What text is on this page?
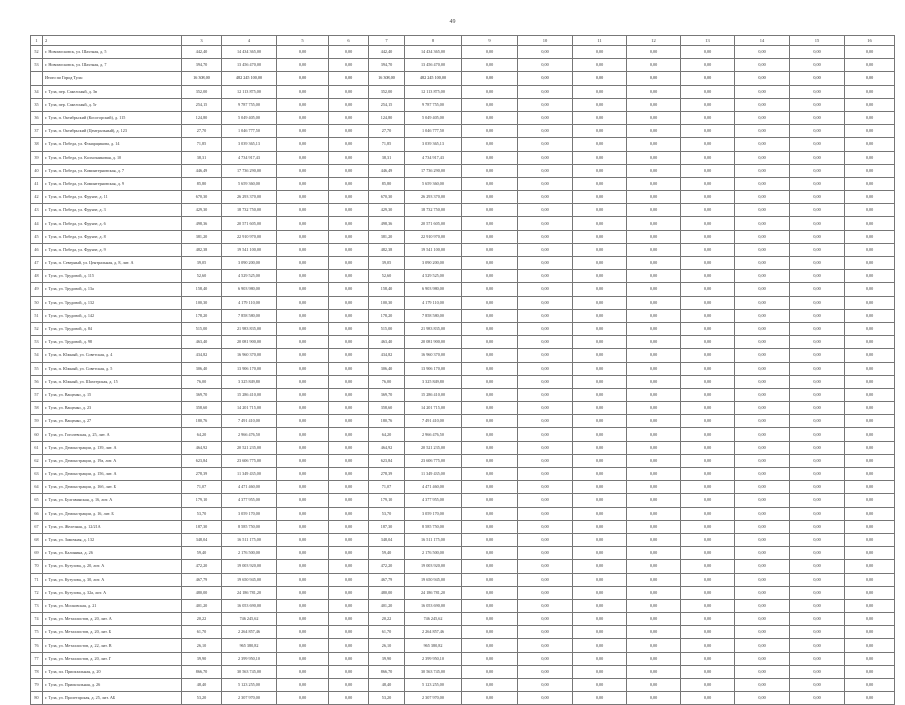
49
1	2	3	4	5	6	7	8	9	10	11	12	13	14	15	16
52	г. Новомосковск, ул. Шахтная, д. 5	442,40	14 434 365,00	0,00	0,00	442,40	14 434 365,00	0,00	0,00	0,00	0,00	0,00	0,00	0,00	0,00
53	г. Новомосковск, ул. Шахтная, д. 7	394,70	13 456 470,00	0,00	0,00	394,70	13 456 470,00	0,00	0,00	0,00	0,00	0,00	0,00	0,00	0,00
	Итого по Город Тула:	16 308,00	482 245 100,00	0,00	0,00	16 308,00	482 245 100,00	0,00	0,00	0,00	0,00	0,00	0,00	0,00	0,00
34	г. Тула, пер. Сакелсный, д. 3в	352,00	12 113 875,00	0,00	0,00	352,00	12 113 875,00	0,00	0,00	0,00	0,00	0,00	0,00	0,00	0,00
35	г. Тула, пер. Сакелсный, д. 5г	254,15	9 787 755,00	0,00	0,00	254,15	9 787 755,00	0,00	0,00	0,00	0,00	0,00	0,00	0,00	0,00
36	г. Тула, п. Октябрьский (Косогорский), д. 115	124,80	5 049 405,00	0,00	0,00	124,80	5 049 405,00	0,00	0,00	0,00	0,00	0,00	0,00	0,00	0,00
37	г. Тула, п. Октябрьский (Центральный), д. 123	27,70	1 046 777,50	0,00	0,00	27,70	1 046 777,50	0,00	0,00	0,00	0,00	0,00	0,00	0,00	0,00
38	г. Тула, п. Победа, ул. Фонарщикова, д. 14	71,85	3 039 365,13	0,00	0,00	71,85	3 039 365,13	0,00	0,00	0,00	0,00	0,00	0,00	0,00	0,00
39	г. Тула, п. Победа, ул. Колхозниковая, д. 10	38,31	4 734 917,43	0,00	0,00	38,31	4 734 917,43	0,00	0,00	0,00	0,00	0,00	0,00	0,00	0,00
40	г. Тула, п. Победа, ул. Коминтерновская, д. 7	446,49	17 736 290,00	0,00	0,00	446,49	17 736 290,00	0,00	0,00	0,00	0,00	0,00	0,00	0,00	0,00
41	г. Тула, п. Победа, ул. Коминтерновская, д. 9	85,80	5 659 360,00	0,00	0,00	85,80	5 659 360,00	0,00	0,00	0,00	0,00	0,00	0,00	0,00	0,00
42	г. Тула, п. Победа, ул. Фрунзе, д. 11	670,30	26 293 370,00	0,00	0,00	670,30	26 293 370,00	0,00	0,00	0,00	0,00	0,00	0,00	0,00	0,00
43	г. Тула, п. Победа, ул. Фрунзе, д. 3	429,30	18 732 750,00	0,00	0,00	429,30	18 732 750,00	0,00	0,00	0,00	0,00	0,00	0,00	0,00	0,00
44	г. Тула, п. Победа, ул. Фрунзе, д. 6	498,36	20 571 605,00	0,00	0,00	498,36	20 571 605,00	0,00	0,00	0,00	0,00	0,00	0,00	0,00	0,00
45	г. Тула, п. Победа, ул. Фрунзе, д. 8	381,20	22 910 970,00	0,00	0,00	381,20	22 910 970,00	0,00	0,00	0,00	0,00	0,00	0,00	0,00	0,00
46	г. Тула, п. Победа, ул. Фрунзе, д. 9	482,38	19 541 100,00	0,00	0,00	482,38	19 541 100,00	0,00	0,00	0,00	0,00	0,00	0,00	0,00	0,00
47	г. Тула, п. Северный, ул. Центральная, д. 8, лит. А	39,05	3 090 200,00	0,00	0,00	39,05	3 090 200,00	0,00	0,00	0,00	0,00	0,00	0,00	0,00	0,00
48	г. Тула, ул. Трудовой, д. 115	52,60	4 529 525,00	0,00	0,00	52,60	4 529 525,00	0,00	0,00	0,00	0,00	0,00	0,00	0,00	0,00
49	г. Тула, ул. Трудовой, д. 13а	158,40	6 903 980,00	0,00	0,00	158,40	6 903 980,00	0,00	0,00	0,00	0,00	0,00	0,00	0,00	0,00
50	г. Тула, ул. Трудовой, д. 132	100,30	4 179 110,00	0,00	0,00	100,30	4 179 110,00	0,00	0,00	0,00	0,00	0,00	0,00	0,00	0,00
51	г. Тула, ул. Трудовой, д. 142	178,20	7 858 580,00	0,00	0,00	178,20	7 858 580,00	0,00	0,00	0,00	0,00	0,00	0,00	0,00	0,00
52	г. Тула, ул. Трудовой, д. 84	515,00	21 983 835,00	0,00	0,00	515,00	21 983 835,00	0,00	0,00	0,00	0,00	0,00	0,00	0,00	0,00
53	г. Тула, ул. Трудовой, д. 98	463,40	20 081 900,00	0,00	0,00	463,40	20 081 900,00	0,00	0,00	0,00	0,00	0,00	0,00	0,00	0,00
54	г. Тула, п. Южный, ул. Советская, д. 4	434,82	16 960 370,00	0,00	0,00	434,82	16 960 370,00	0,00	0,00	0,00	0,00	0,00	0,00	0,00	0,00
55	г. Тула, п. Южный, ул. Советская, д. 5	306,40	13 906 170,00	0,00	0,00	306,40	13 906 170,00	0,00	0,00	0,00	0,00	0,00	0,00	0,00	0,00
56	г. Тула, п. Южный, ул. Шахтерская, д. 15	76,00	3 325 849,80	0,00	0,00	76,00	3 325 849,80	0,00	0,00	0,00	0,00	0,00	0,00	0,00	0,00
57	г. Тула, ул. Ващенко, д. 15	369,70	15 286 410,00	0,00	0,00	369,70	15 286 410,00	0,00	0,00	0,00	0,00	0,00	0,00	0,00	0,00
58	г. Тула, ул. Ващенко, д. 23	358,60	14 201 715,00	0,00	0,00	358,60	14 201 715,00	0,00	0,00	0,00	0,00	0,00	0,00	0,00	0,00
59	г. Тула, ул. Ващенко, д. 27	180,76	7 491 410,00	0,00	0,00	180,76	7 491 410,00	0,00	0,00	0,00	0,00	0,00	0,00	0,00	0,00
60	г. Тула, ул. Гоголевская, д. 25, лит. А	64,20	2 966 476,50	0,00	0,00	64,20	2 966 476,50	0,00	0,00	0,00	0,00	0,00	0,00	0,00	0,00
61	г. Тула, ул. Демонстрации, д. 139, лит. А	464,92	20 521 235,00	0,00	0,00	464,92	20 521 235,00	0,00	0,00	0,00	0,00	0,00	0,00	0,00	0,00
62	г. Тула, ул. Демонстрации, д. 19а, лит. А	623,84	23 606 775,00	0,00	0,00	623,84	23 606 775,00	0,00	0,00	0,00	0,00	0,00	0,00	0,00	0,00
63	г. Тула, ул. Демонстрации, д. 156, лит. А	278,39	11 349 435,00	0,00	0,00	278,39	11 349 435,00	0,00	0,00	0,00	0,00	0,00	0,00	0,00	0,00
64	г. Тула, ул. Демонстрации, д. 16б, лит. Б	71,07	4 471 460,00	0,00	0,00	71,07	4 471 460,00	0,00	0,00	0,00	0,00	0,00	0,00	0,00	0,00
65	г. Тула, ул. Булгавинская, д. 16, лит. А	179,10	4 377 955,00	0,00	0,00	179,10	4 377 955,00	0,00	0,00	0,00	0,00	0,00	0,00	0,00	0,00
66	г. Тула, ул. Демонстрации, д. 16, лит. Б	53,70	3 059 170,00	0,00	0,00	53,70	3 059 170,00	0,00	0,00	0,00	0,00	0,00	0,00	0,00	0,00
67	г. Тула, ул. Железная, д. 12/21А	187,30	8 585 750,00	0,00	0,00	187,30	8 585 750,00	0,00	0,00	0,00	0,00	0,00	0,00	0,00	0,00
68	г. Тула, ул. Замочная, д. 132	348,04	16 511 175,00	0,00	0,00	348,04	16 511 175,00	0,00	0,00	0,00	0,00	0,00	0,00	0,00	0,00
69	г. Тула, ул. Калинина, д. 26	59,40	2 176 500,00	0,00	0,00	59,40	2 176 500,00	0,00	0,00	0,00	0,00	0,00	0,00	0,00	0,00
70	г. Тула, ул. Кутузова, д. 20, лит. А	472,20	19 003 920,00	0,00	0,00	472,20	19 003 920,00	0,00	0,00	0,00	0,00	0,00	0,00	0,00	0,00
71	г. Тула, ул. Кутузова, д. 30, лит. А	467,79	19 650 945,00	0,00	0,00	467,79	19 650 945,00	0,00	0,00	0,00	0,00	0,00	0,00	0,00	0,00
72	г. Тула, ул. Кутузова, д. 32а, лит. А	480,00	24 186 781,20	0,00	0,00	480,00	24 186 781,20	0,00	0,00	0,00	0,00	0,00	0,00	0,00	0,00
73	г. Тула, ул. Московская, д. 21	401,20	16 053 690,00	0,00	0,00	401,20	16 053 690,00	0,00	0,00	0,00	0,00	0,00	0,00	0,00	0,00
74	г. Тула, ул. Металлистов, д. 20, лит. А	20,22	746 245,62	0,00	0,00	20,22	746 245,62	0,00	0,00	0,00	0,00	0,00	0,00	0,00	0,00
75	г. Тула, ул. Металлистов, д. 20, лит. Б	61,70	2 264 857,46	0,00	0,00	61,70	2 264 857,46	0,00	0,00	0,00	0,00	0,00	0,00	0,00	0,00
76	г. Тула, ул. Металлистов, д. 22, лит. В	26,10	965 380,82	0,00	0,00	26,10	965 380,82	0,00	0,00	0,00	0,00	0,00	0,00	0,00	0,00
77	г. Тула, ул. Металлистов, д. 20, лит. Г	39,90	2 399 950,10	0,00	0,00	39,90	2 399 950,10	0,00	0,00	0,00	0,00	0,00	0,00	0,00	0,00
78	г. Тула, пл. Приокзальная, д. 20	866,70	30 563 745,00	0,00	0,00	866,70	30 563 745,00	0,00	0,00	0,00	0,00	0,00	0,00	0,00	0,00
79	г. Тула, ул. Приокзальная, д. 26	48,40	5 123 255,00	0,00	0,00	48,40	5 123 255,00	0,00	0,00	0,00	0,00	0,00	0,00	0,00	0,00
80	г. Тула, ул. Пролетарская, д. 25, лит. АБ	53,20	2 307 970,00	0,00	0,00	53,20	2 307 970,00	0,00	0,00	0,00	0,00	0,00	0,00	0,00	0,00
